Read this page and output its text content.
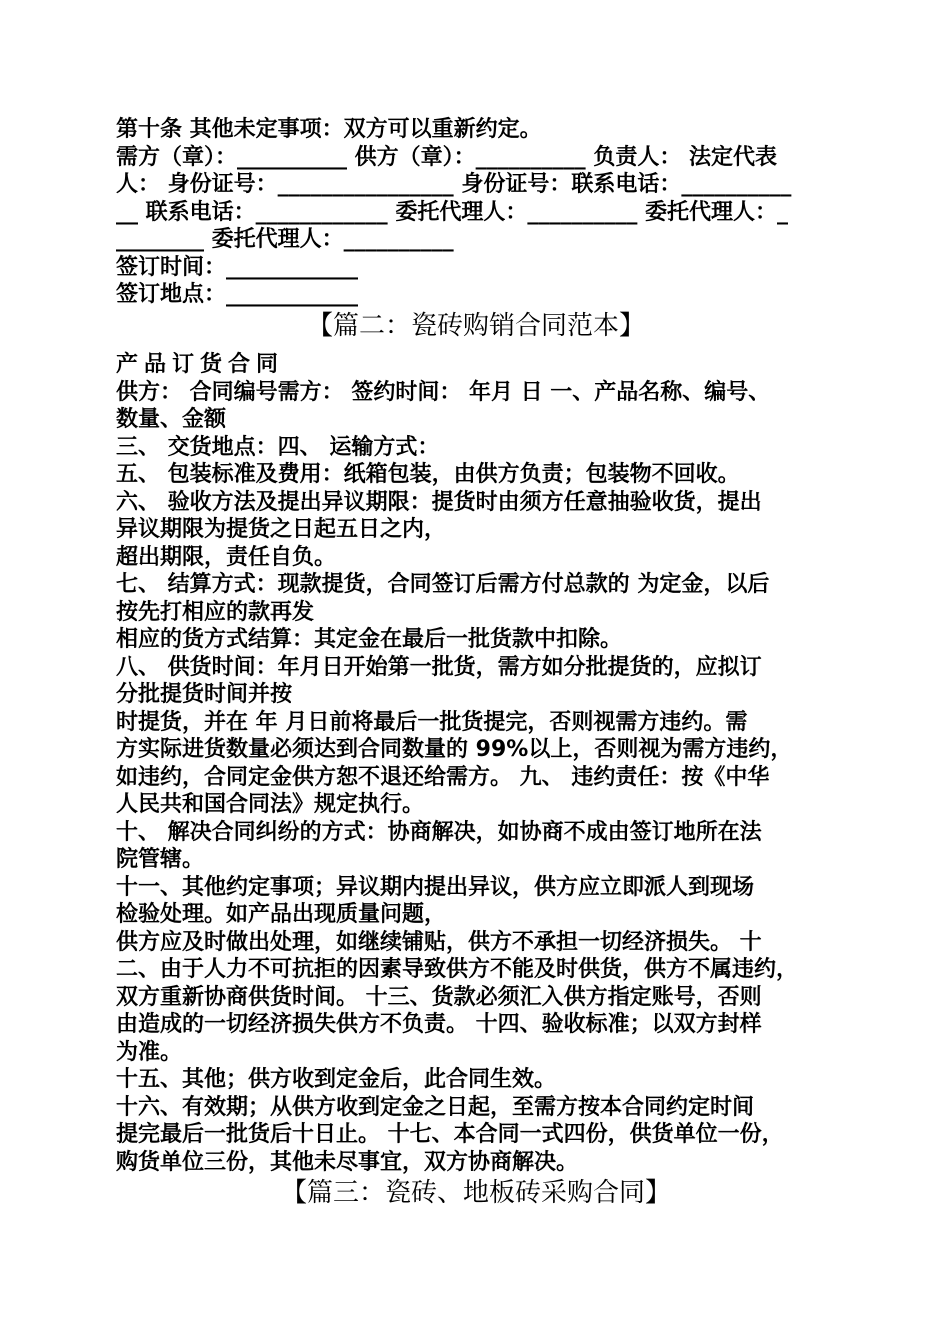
第十条 其他未定事项：双方可以重新约定。
需方（章）：__________ 供方（章）：__________ 负责人： 法定代表
人： 身份证号：________________ 身份证号：联系电话：__________
__ 联系电话：____________ 委托代理人：__________ 委托代理人：_
________ 委托代理人：__________
签订时间：____________
签订地点：____________
【篇二：瓷砖购销合同范本】
产品订货合同
供方： 合同编号需方： 签约时间： 年月 日 一、产品名称、编号、
数量、金额
三、 交货地点：四、 运输方式：
五、 包装标准及费用：纸箱包装，由供方负责；包装物不回收。
六、 验收方法及提出异议期限：提货时由须方任意抽验收货，提出
异议期限为提货之日起五日之内，
超出期限，责任自负。
七、 结算方式：现款提货，合同签订后需方付总款的 为定金，以后
按先打相应的款再发
相应的货方式结算：其定金在最后一批货款中扣除。
八、 供货时间：年月日开始第一批货，需方如分批提货的，应拟订
分批提货时间并按
时提货，并在 年 月日前将最后一批货提完，否则视需方违约。需
方实际进货数量必须达到合同数量的 99%以上，否则视为需方违约，
如违约，合同定金供方恕不退还给需方。 九、 违约责任：按《中华
人民共和国合同法》规定执行。
十、 解决合同纠纷的方式：协商解决，如协商不成由签订地所在法
院管辖。
十一、其他约定事项；异议期内提出异议，供方应立即派人到现场
检验处理。如产品出现质量问题，
供方应及时做出处理，如继续铺贴，供方不承担一切经济损失。 十
二、由于人力不可抗拒的因素导致供方不能及时供货，供方不属违约，
双方重新协商供货时间。 十三、货款必须汇入供方指定账号，否则
由造成的一切经济损失供方不负责。 十四、验收标准；以双方封样
为准。
十五、其他；供方收到定金后，此合同生效。
十六、有效期；从供方收到定金之日起，至需方按本合同约定时间
提完最后一批货后十日止。 十七、本合同一式四份，供货单位一份，
购货单位三份，其他未尽事宜，双方协商解决。
【篇三：瓷砖、地板砖采购合同】
